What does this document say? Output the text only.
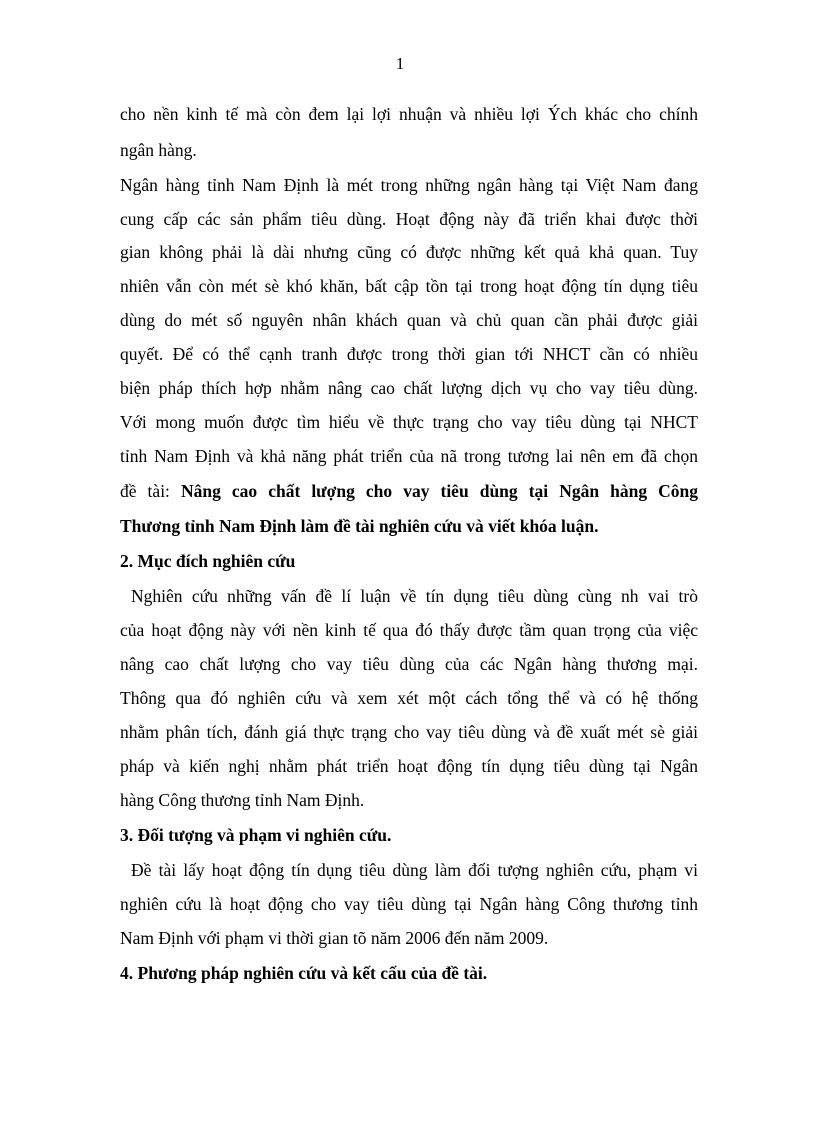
1
cho nền kinh tế mà còn đem lại lợi nhuận và nhiều lợi Ých khác cho chính
ngân hàng.
Ngân hàng tỉnh Nam Định là mét trong những ngân hàng tại Việt Nam đang
cung cấp các sản phẩm tiêu dùng. Hoạt động này đã triển khai được thời
gian không phải là dài nhưng cũng có được những kết quả khả quan. Tuy
nhiên vẫn còn mét sè khó khăn, bất cập tồn tại trong hoạt động tín dụng tiêu
dùng do mét số nguyên nhân khách quan và chủ quan cần phải được giải
quyết. Để có thể cạnh tranh được trong thời gian tới NHCT cần có nhiều
biện pháp thích hợp nhằm nâng cao chất lượng dịch vụ cho vay tiêu dùng.
Với mong muốn được tìm hiểu về thực trạng cho vay tiêu dùng tại NHCT
tỉnh Nam Định và khả năng phát triển của nã trong tương lai nên em đã chọn
đề tài: Nâng cao chất lượng cho vay tiêu dùng tại Ngân hàng Công
Thương tỉnh Nam Định làm đề tài nghiên cứu và viết khóa luận.
2. Mục đích nghiên cứu
Nghiên cứu những vấn đề lí luận về tín dụng tiêu dùng cùng nh vai trò
của hoạt động này với nền kinh tế qua đó thấy được tầm quan trọng của việc
nâng cao chất lượng cho vay tiêu dùng của các Ngân hàng thương mại.
Thông qua đó nghiên cứu và xem xét một cách tổng thể và có hệ thống
nhằm phân tích, đánh giá thực trạng cho vay tiêu dùng và đề xuất mét sè giải
pháp và kiến nghị nhằm phát triển hoạt động tín dụng tiêu dùng tại Ngân
hàng Công thương tỉnh Nam Định.
3. Đối tượng và phạm vi nghiên cứu.
Đề tài lấy hoạt động tín dụng tiêu dùng làm đối tượng nghiên cứu, phạm vi
nghiên cứu là hoạt động cho vay tiêu dùng tại Ngân hàng Công thương tỉnh
Nam Định với phạm vi thời gian tõ năm 2006 đến năm 2009.
4. Phương pháp nghiên cứu và kết cấu của đề tài.
